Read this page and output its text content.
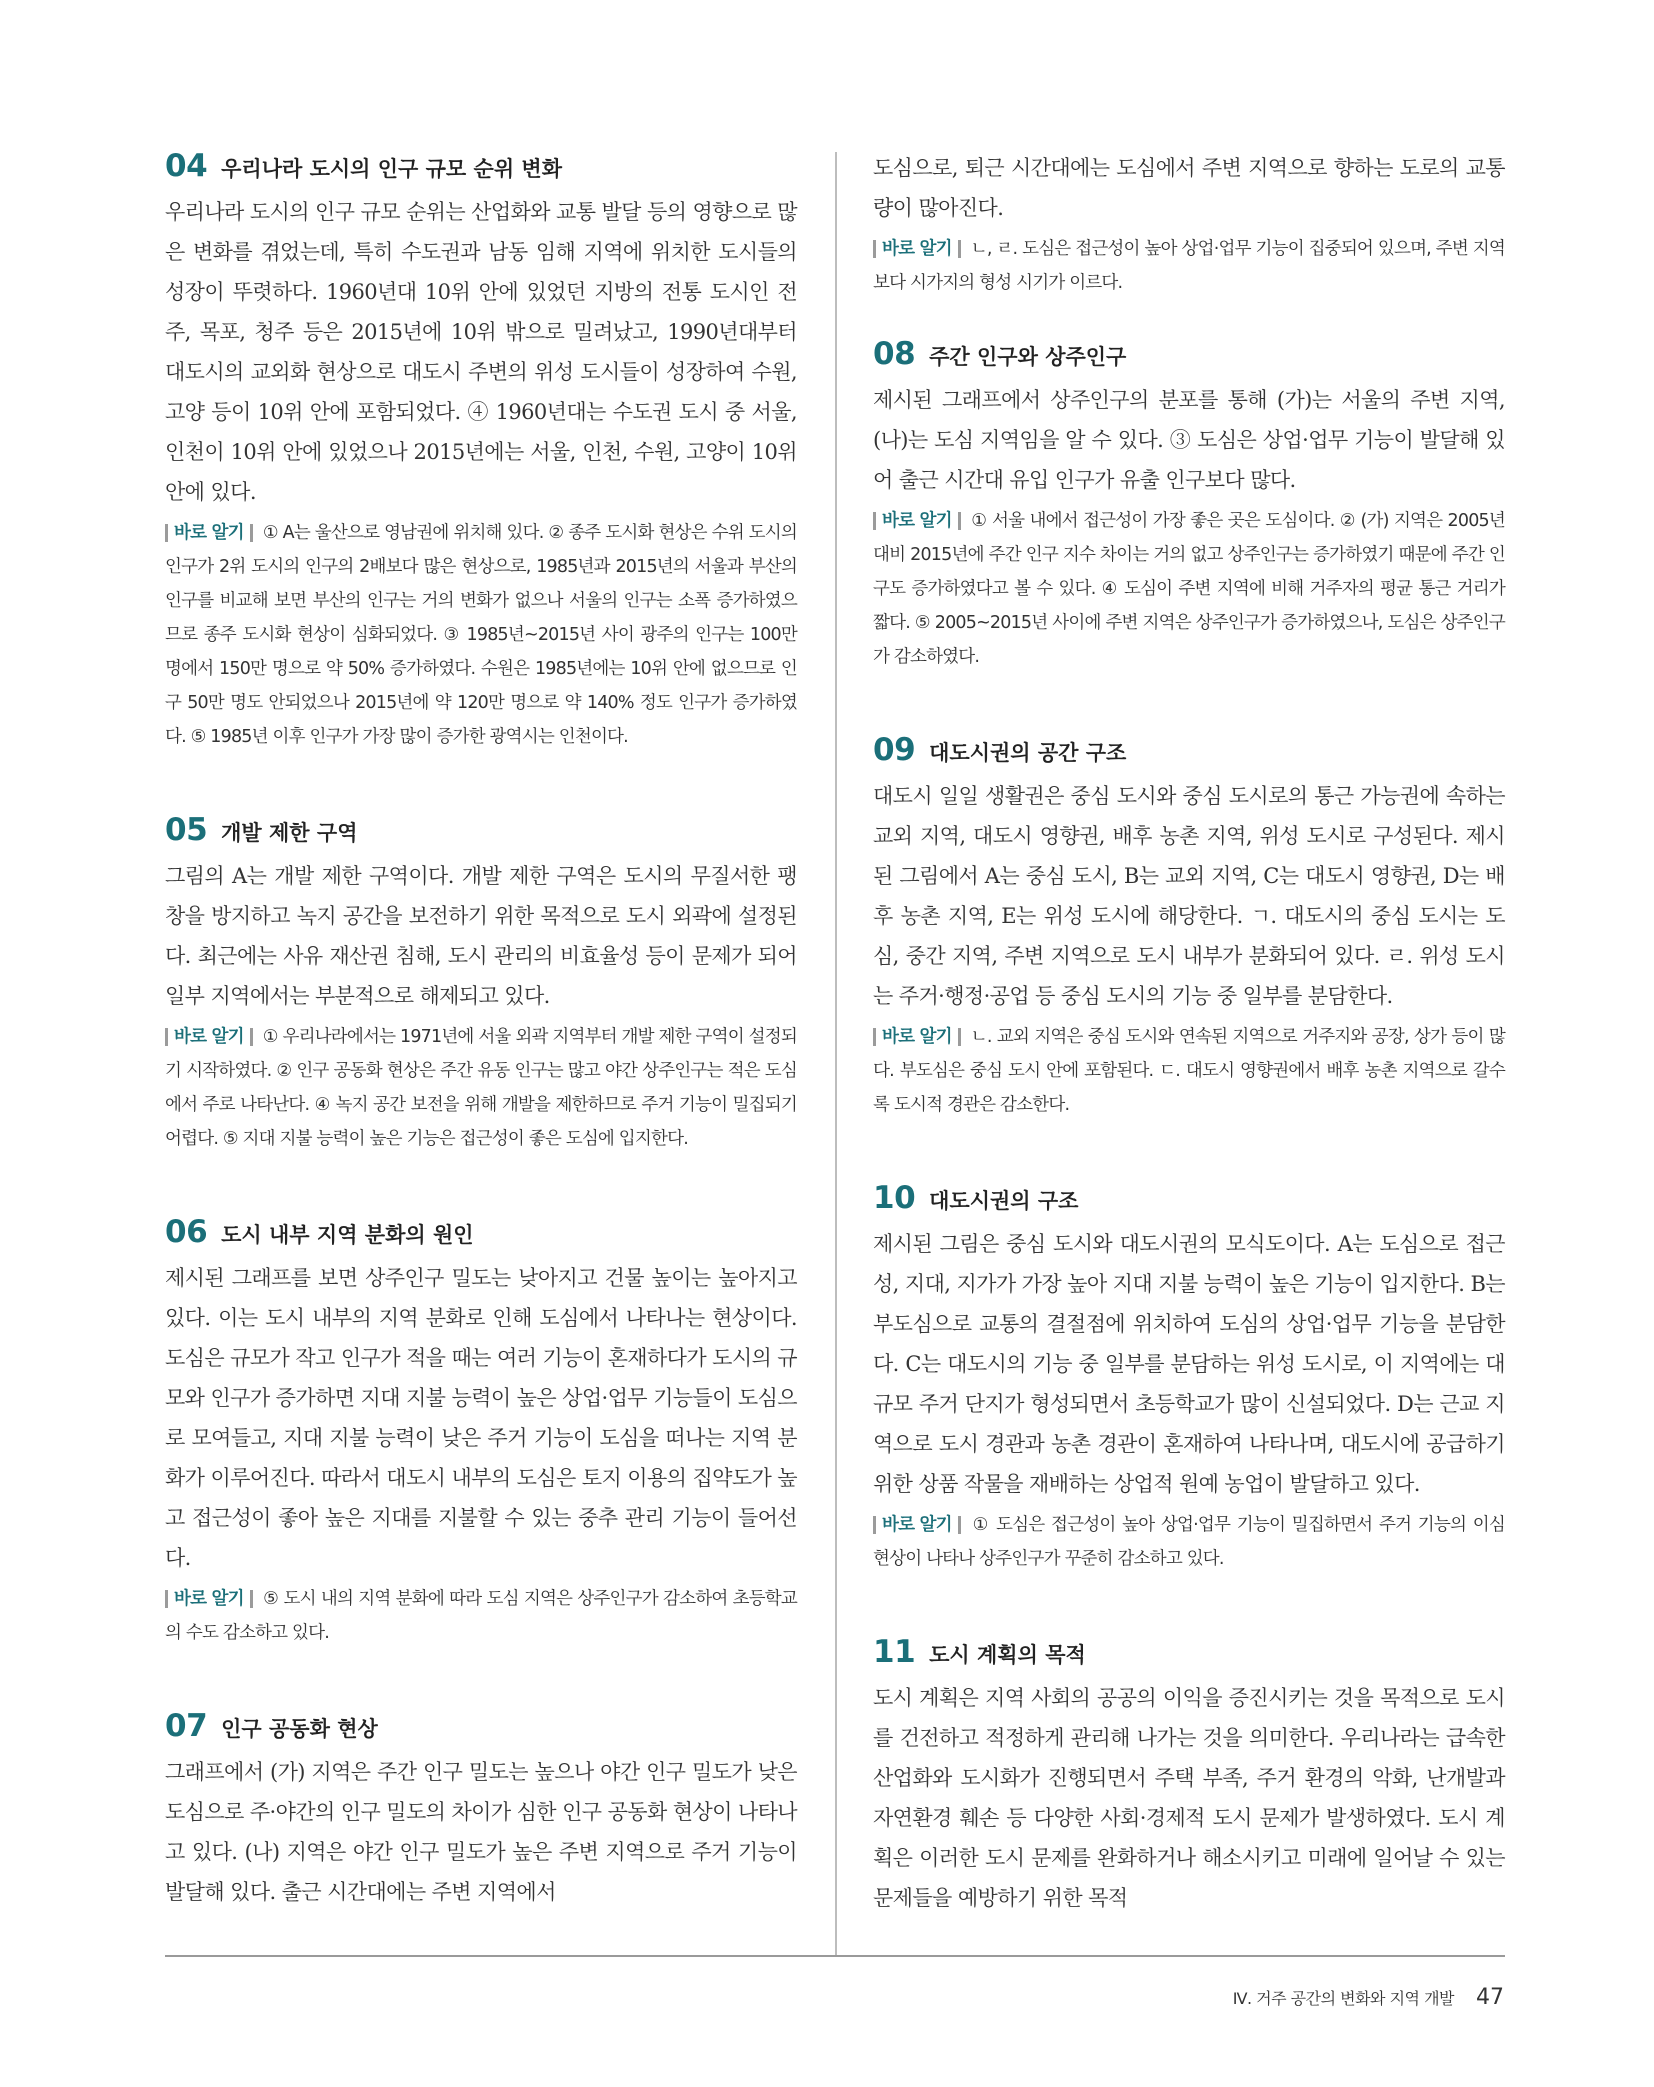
04 우리나라 도시의 인구 규모 순위 변화

우리나라 도시의 인구 규모 순위는 산업화와 교통 발달 등의 영향으로 많은 변화를 겪었는데, 특히 수도권과 남동 임해 지역에 위치한 도시들의 성장이 뚜렷하다. 1960년대 10위 안에 있었던 지방의 전통 도시인 전주, 목포, 청주 등은 2015년에 10위 밖으로 밀려났고, 1990년대부터 대도시의 교외화 현상으로 대도시 주변의 위성 도시들이 성장하여 수원, 고양 등이 10위 안에 포함되었다. ④ 1960년대는 수도권 도시 중 서울, 인천이 10위 안에 있었으나 2015년에는 서울, 인천, 수원, 고양이 10위 안에 있다.

바로 알기 ① A는 울산으로 영남권에 위치해 있다. ② 종주 도시화 현상은 수위 도시의 인구가 2위 도시의 인구의 2배보다 많은 현상으로, 1985년과 2015년의 서울과 부산의 인구를 비교해 보면 부산의 인구는 거의 변화가 없으나 서울의 인구는 소폭 증가하였으므로 종주 도시화 현상이 심화되었다. ③ 1985년~2015년 사이 광주의 인구는 100만 명에서 150만 명으로 약 50% 증가하였다. 수원은 1985년에는 10위 안에 없으므로 인구 50만 명도 안되었으나 2015년에 약 120만 명으로 약 140% 정도 인구가 증가하였다. ⑤ 1985년 이후 인구가 가장 많이 증가한 광역시는 인천이다.

05 개발 제한 구역

그림의 A는 개발 제한 구역이다. 개발 제한 구역은 도시의 무질서한 팽창을 방지하고 녹지 공간을 보전하기 위한 목적으로 도시 외곽에 설정된다. 최근에는 사유 재산권 침해, 도시 관리의 비효율성 등이 문제가 되어 일부 지역에서는 부분적으로 해제되고 있다.

바로 알기 ① 우리나라에서는 1971년에 서울 외곽 지역부터 개발 제한 구역이 설정되기 시작하였다. ② 인구 공동화 현상은 주간 유동 인구는 많고 야간 상주인구는 적은 도심에서 주로 나타난다. ④ 녹지 공간 보전을 위해 개발을 제한하므로 주거 기능이 밀집되기 어렵다. ⑤ 지대 지불 능력이 높은 기능은 접근성이 좋은 도심에 입지한다.

06 도시 내부 지역 분화의 원인

제시된 그래프를 보면 상주인구 밀도는 낮아지고 건물 높이는 높아지고 있다. 이는 도시 내부의 지역 분화로 인해 도심에서 나타나는 현상이다. 도심은 규모가 작고 인구가 적을 때는 여러 기능이 혼재하다가 도시의 규모와 인구가 증가하면 지대 지불 능력이 높은 상업·업무 기능들이 도심으로 모여들고, 지대 지불 능력이 낮은 주거 기능이 도심을 떠나는 지역 분화가 이루어진다. 따라서 대도시 내부의 도심은 토지 이용의 집약도가 높고 접근성이 좋아 높은 지대를 지불할 수 있는 중추 관리 기능이 들어선다.

바로 알기 ⑤ 도시 내의 지역 분화에 따라 도심 지역은 상주인구가 감소하여 초등학교의 수도 감소하고 있다.

07 인구 공동화 현상

그래프에서 (가) 지역은 주간 인구 밀도는 높으나 야간 인구 밀도가 낮은 도심으로 주·야간의 인구 밀도의 차이가 심한 인구 공동화 현상이 나타나고 있다. (나) 지역은 야간 인구 밀도가 높은 주변 지역으로 주거 기능이 발달해 있다. 출근 시간대에는 주변 지역에서

도심으로, 퇴근 시간대에는 도심에서 주변 지역으로 향하는 도로의 교통량이 많아진다.

바로 알기 ㄴ, ㄹ. 도심은 접근성이 높아 상업·업무 기능이 집중되어 있으며, 주변 지역보다 시가지의 형성 시기가 이르다.

08 주간 인구와 상주인구

제시된 그래프에서 상주인구의 분포를 통해 (가)는 서울의 주변 지역, (나)는 도심 지역임을 알 수 있다. ③ 도심은 상업·업무 기능이 발달해 있어 출근 시간대 유입 인구가 유출 인구보다 많다.

바로 알기 ① 서울 내에서 접근성이 가장 좋은 곳은 도심이다. ② (가) 지역은 2005년 대비 2015년에 주간 인구 지수 차이는 거의 없고 상주인구는 증가하였기 때문에 주간 인구도 증가하였다고 볼 수 있다. ④ 도심이 주변 지역에 비해 거주자의 평균 통근 거리가 짧다. ⑤ 2005~2015년 사이에 주변 지역은 상주인구가 증가하였으나, 도심은 상주인구가 감소하였다.

09 대도시권의 공간 구조

대도시 일일 생활권은 중심 도시와 중심 도시로의 통근 가능권에 속하는 교외 지역, 대도시 영향권, 배후 농촌 지역, 위성 도시로 구성된다. 제시된 그림에서 A는 중심 도시, B는 교외 지역, C는 대도시 영향권, D는 배후 농촌 지역, E는 위성 도시에 해당한다. ㄱ. 대도시의 중심 도시는 도심, 중간 지역, 주변 지역으로 도시 내부가 분화되어 있다. ㄹ. 위성 도시는 주거·행정·공업 등 중심 도시의 기능 중 일부를 분담한다.

바로 알기 ㄴ. 교외 지역은 중심 도시와 연속된 지역으로 거주지와 공장, 상가 등이 많다. 부도심은 중심 도시 안에 포함된다. ㄷ. 대도시 영향권에서 배후 농촌 지역으로 갈수록 도시적 경관은 감소한다.

10 대도시권의 구조

제시된 그림은 중심 도시와 대도시권의 모식도이다. A는 도심으로 접근성, 지대, 지가가 가장 높아 지대 지불 능력이 높은 기능이 입지한다. B는 부도심으로 교통의 결절점에 위치하여 도심의 상업·업무 기능을 분담한다. C는 대도시의 기능 중 일부를 분담하는 위성 도시로, 이 지역에는 대규모 주거 단지가 형성되면서 초등학교가 많이 신설되었다. D는 근교 지역으로 도시 경관과 농촌 경관이 혼재하여 나타나며, 대도시에 공급하기 위한 상품 작물을 재배하는 상업적 원예 농업이 발달하고 있다.

바로 알기 ① 도심은 접근성이 높아 상업·업무 기능이 밀집하면서 주거 기능의 이심 현상이 나타나 상주인구가 꾸준히 감소하고 있다.

11 도시 계획의 목적

도시 계획은 지역 사회의 공공의 이익을 증진시키는 것을 목적으로 도시를 건전하고 적정하게 관리해 나가는 것을 의미한다. 우리나라는 급속한 산업화와 도시화가 진행되면서 주택 부족, 주거 환경의 악화, 난개발과 자연환경 훼손 등 다양한 사회·경제적 도시 문제가 발생하였다. 도시 계획은 이러한 도시 문제를 완화하거나 해소시키고 미래에 일어날 수 있는 문제들을 예방하기 위한 목적

Ⅳ. 거주 공간의 변화와 지역 개발 47
